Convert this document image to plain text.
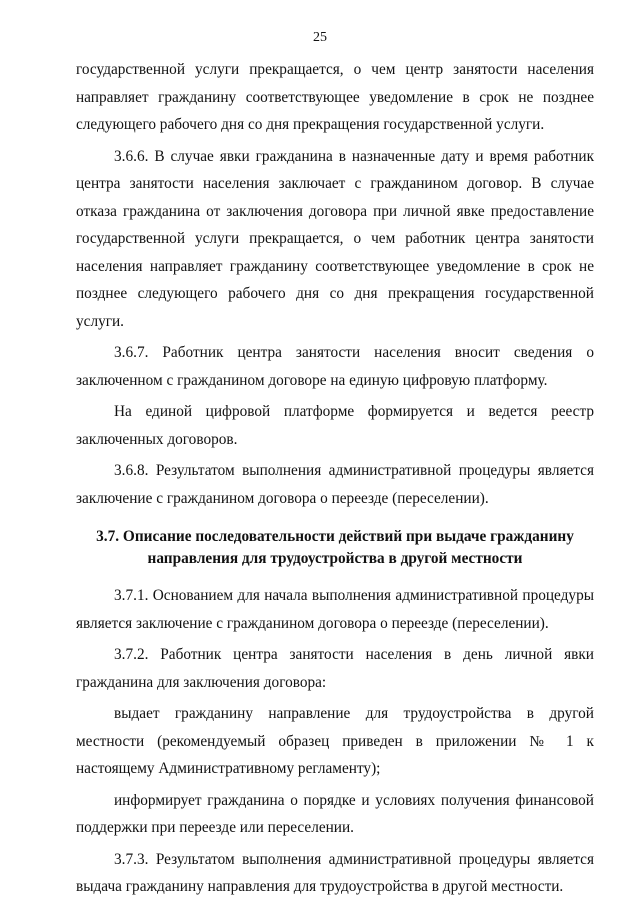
25

государственной услуги прекращается, о чем центр занятости населения направляет гражданину соответствующее уведомление в срок не позднее следующего рабочего дня со дня прекращения государственной услуги.

3.6.6. В случае явки гражданина в назначенные дату и время работник центра занятости населения заключает с гражданином договор. В случае отказа гражданина от заключения договора при личной явке предоставление государственной услуги прекращается, о чем работник центра занятости населения направляет гражданину соответствующее уведомление в срок не позднее следующего рабочего дня со дня прекращения государственной услуги.

3.6.7. Работник центра занятости населения вносит сведения о заключенном с гражданином договоре на единую цифровую платформу.

На единой цифровой платформе формируется и ведется реестр заключенных договоров.

3.6.8. Результатом выполнения административной процедуры является заключение с гражданином договора о переезде (переселении).

3.7. Описание последовательности действий при выдаче гражданину
направления для трудоустройства в другой местности

3.7.1. Основанием для начала выполнения административной процедуры является заключение с гражданином договора о переезде (переселении).

3.7.2. Работник центра занятости населения в день личной явки гражданина для заключения договора:

выдает гражданину направление для трудоустройства в другой местности (рекомендуемый образец приведен в приложении № 1 к настоящему Административному регламенту);

информирует гражданина о порядке и условиях получения финансовой поддержки при переезде или переселении.

3.7.3. Результатом выполнения административной процедуры является выдача гражданину направления для трудоустройства в другой местности.
